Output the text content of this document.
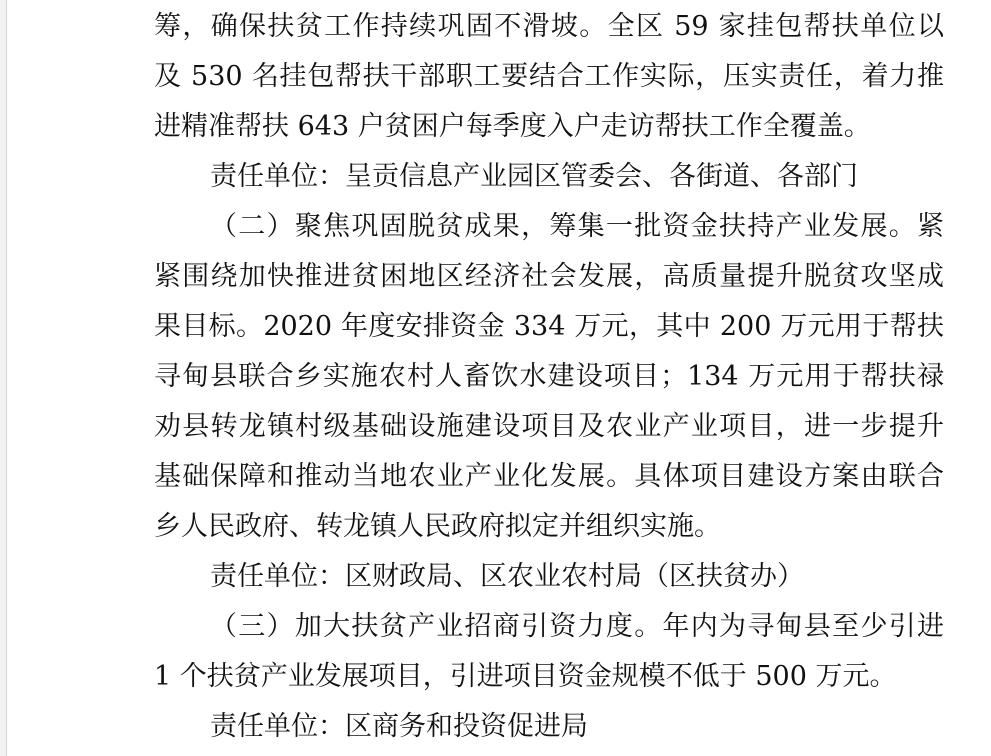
筹，确保扶贫工作持续巩固不滑坡。全区 59 家挂包帮扶单位以
及 530 名挂包帮扶干部职工要结合工作实际，压实责任，着力推
进精准帮扶 643 户贫困户每季度入户走访帮扶工作全覆盖。
责任单位：呈贡信息产业园区管委会、各街道、各部门
（二）聚焦巩固脱贫成果，筹集一批资金扶持产业发展。紧
紧围绕加快推进贫困地区经济社会发展，高质量提升脱贫攻坚成
果目标。2020 年度安排资金 334 万元，其中 200 万元用于帮扶
寻甸县联合乡实施农村人畜饮水建设项目；134 万元用于帮扶禄
劝县转龙镇村级基础设施建设项目及农业产业项目，进一步提升
基础保障和推动当地农业产业化发展。具体项目建设方案由联合
乡人民政府、转龙镇人民政府拟定并组织实施。
责任单位：区财政局、区农业农村局（区扶贫办）
（三）加大扶贫产业招商引资力度。年内为寻甸县至少引进
1 个扶贫产业发展项目，引进项目资金规模不低于 500 万元。
责任单位：区商务和投资促进局
